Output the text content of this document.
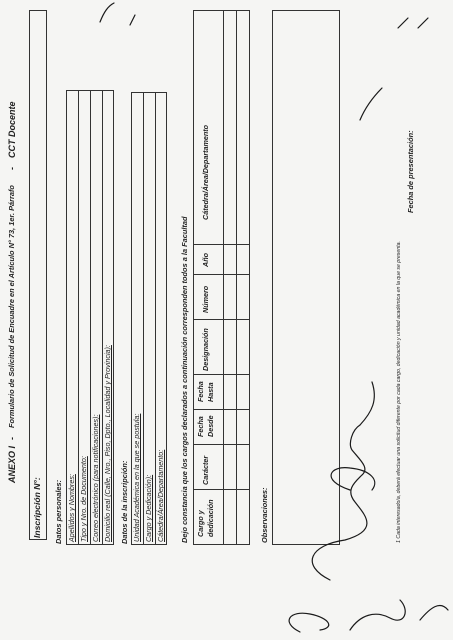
ANEXO I
-
Formulario de Solicitud de Encuadre en el Artículo N° 73, 1er. Párrafo
-
CCT Docente
Inscripción N°: Datos personales: Apellidos y Nombres: Tipo y Nro. de Documento: Correo electrónico (para notificaciones): Domicilio real (Calle, Nro., Piso, Dpto., Localidad y Provincia): Datos de la inscripción: Unidad Académica en la que se postula: Cargo y Dedicación): Cátedra/Área/Departamento: Dejo constancia que los cargos declarados a continuación corresponden todos a la Facultad Cargo y dedicación
Carácter
Fecha Desde
Fecha Hasta
Designación
Número
Año
Cátedra/Área/Departamento
Observaciones:	1 Cada interesado/a, deberá efectuar una solicitud diferente por cada cargo, dedicación y unidad académica en la que se presenta.
Fecha de presentación:
